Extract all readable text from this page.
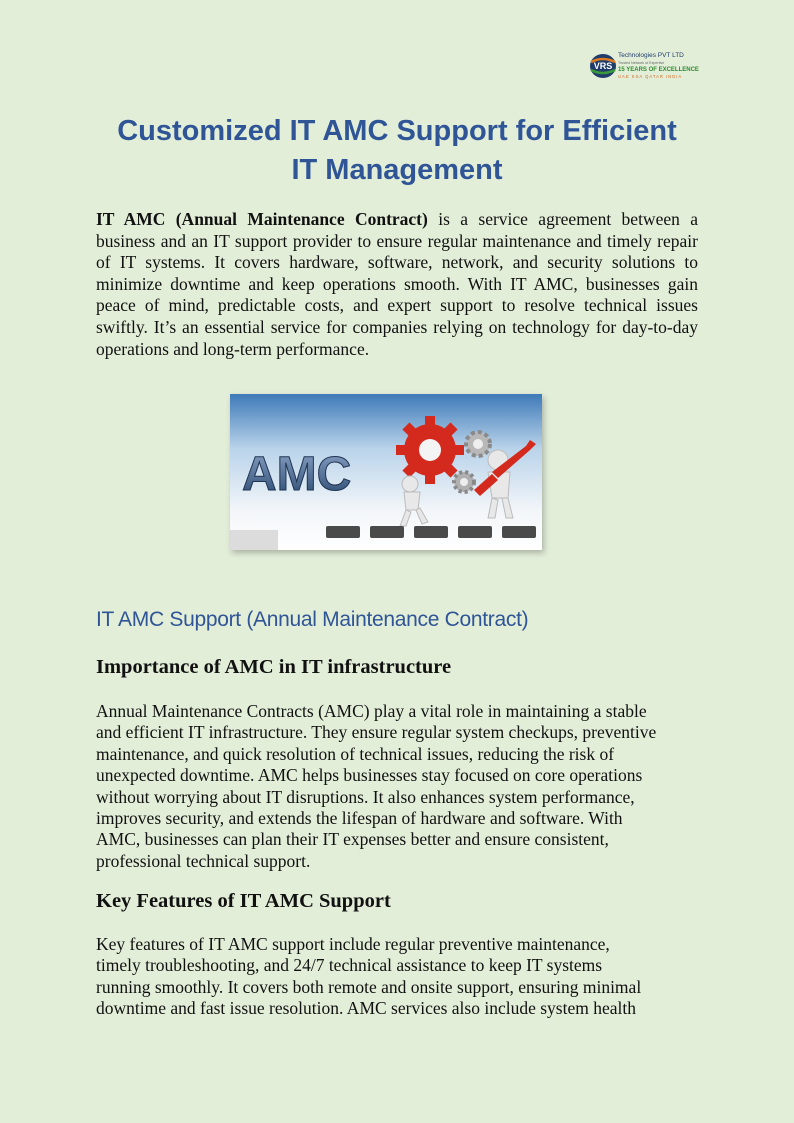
VRS
Technologies PVT LTD
Trusted Network of Expertise
15 YEARS OF EXCELLENCE
UAE KSA QATAR INDIA
Customized IT AMC Support for Efficient
IT Management

IT AMC (Annual Maintenance Contract) is a service agreement between a business and an IT support provider to ensure regular maintenance and timely repair of IT systems. It covers hardware, software, network, and security solutions to minimize downtime and keep operations smooth. With IT AMC, businesses gain peace of mind, predictable costs, and expert support to resolve technical issues swiftly. It’s an essential service for companies relying on technology for day-to-day operations and long-term performance.

AMC
IT AMC Support (Annual Maintenance Contract)
Importance of AMC in IT infrastructure

Annual Maintenance Contracts (AMC) play a vital role in maintaining a stable
and efficient IT infrastructure. They ensure regular system checkups, preventive
maintenance, and quick resolution of technical issues, reducing the risk of
unexpected downtime. AMC helps businesses stay focused on core operations
without worrying about IT disruptions. It also enhances system performance,
improves security, and extends the lifespan of hardware and software. With
AMC, businesses can plan their IT expenses better and ensure consistent,
professional technical support.

Key Features of IT AMC Support

Key features of IT AMC support include regular preventive maintenance,
timely troubleshooting, and 24/7 technical assistance to keep IT systems
running smoothly. It covers both remote and onsite support, ensuring minimal
downtime and fast issue resolution. AMC services also include system health
